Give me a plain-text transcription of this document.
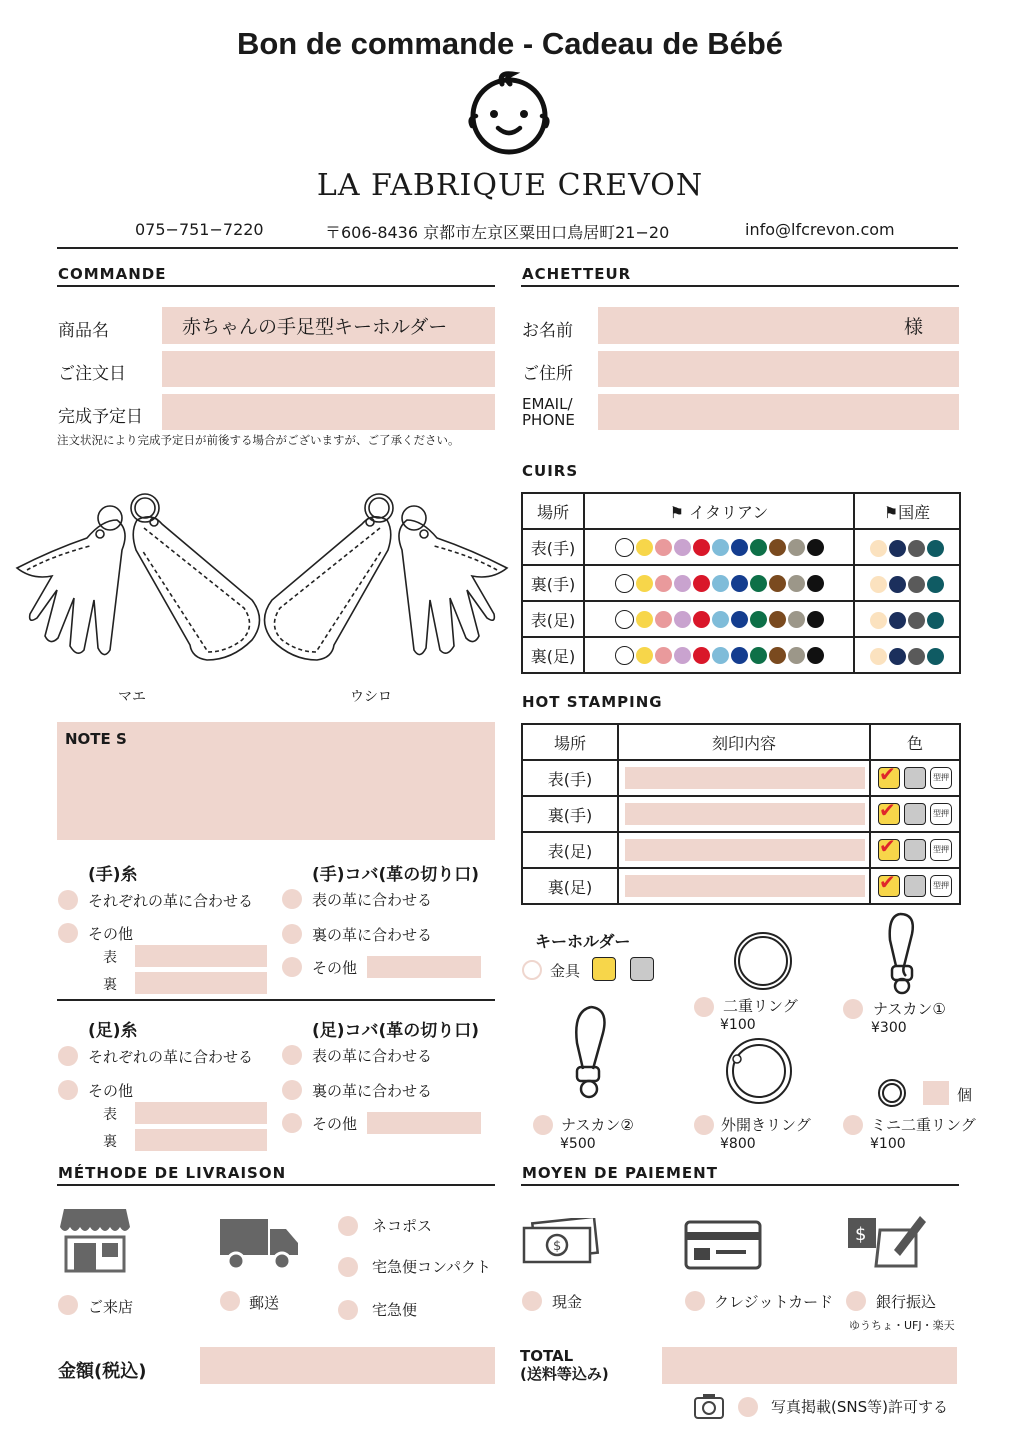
Bon de commande - Cadeau de Bébé
LA FABRIQUE CREVON
075−751−7220	〒606-8436 京都市左京区粟田口鳥居町21−20	info@lfcrevon.com
COMMANDE
商品名	赤ちゃんの手足型キーホルダー
ご注文日
完成予定日
注文状況により完成予定日が前後する場合がございますが、ご了承ください。
マエ	ウシロ
NOTE S
(手)糸
それぞれの革に合わせる
その他
表
裏
(手)コバ(革の切り口)
表の革に合わせる
裏の革に合わせる
その他
(足)糸
それぞれの革に合わせる
その他
表
裏
(足)コバ(革の切り口)
表の革に合わせる
裏の革に合わせる
その他
ACHETTEUR
お名前	様
ご住所
EMAIL/
PHONE
CUIRS
場所	⚑ イタリアン	⚑国産
表(手)		
裏(手)		
表(足)		
裏(足)		
HOT STAMPING
場所	刻印内容	色
表(手)		✔ 型押
裏(手)		✔ 型押
表(足)		✔ 型押
裏(足)		✔ 型押
キーホルダー
金具
二重リング
¥100
ナスカン①
¥300
ナスカン②
¥500
外開きリング
¥800
個
ミニ二重リング
¥100
MÉTHODE DE LIVRAISON
ご来店	郵送
ネコポス
宅急便コンパクト
宅急便
MOYEN DE PAIEMENT
$
現金	クレジットカード
$
銀行振込
ゆうちょ・UFJ・楽天
金額(税込)
TOTAL
(送料等込み)
写真掲載(SNS等)許可する
